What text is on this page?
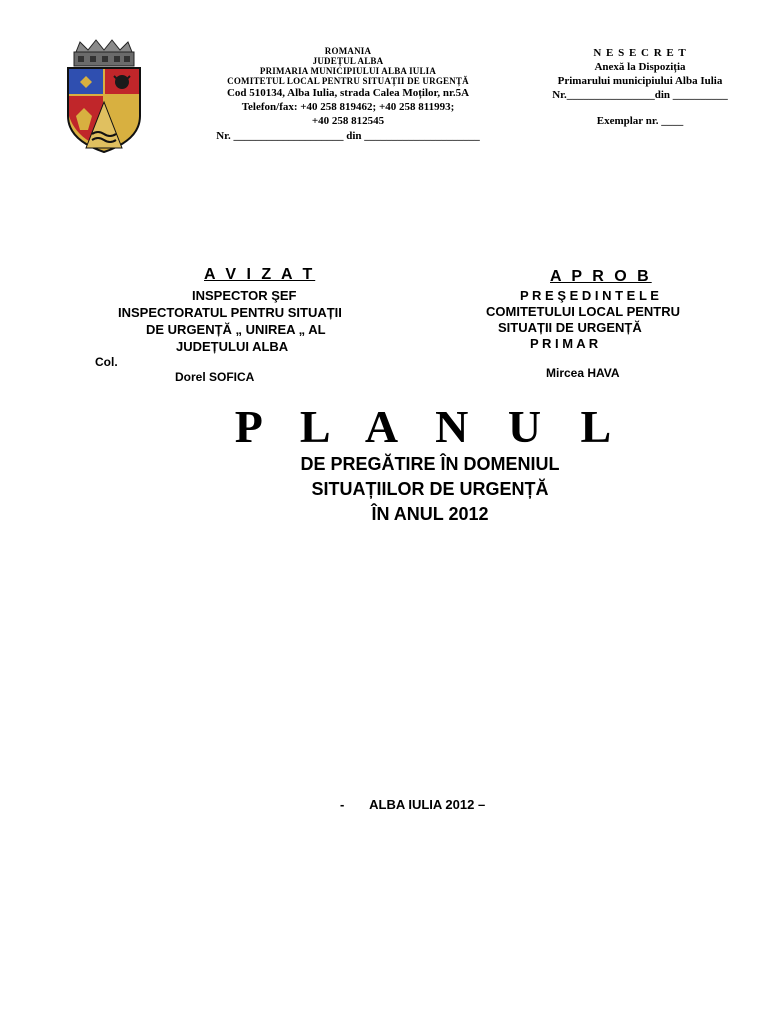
ROMANIA
JUDEȚUL ALBA
PRIMARIA MUNICIPIULUI ALBA IULIA
COMITETUL LOCAL PENTRU SITUAȚII DE URGENȚĂ
Cod 510134, Alba Iulia, strada Calea Moților, nr.5A
Telefon/fax: +40 258 819462; +40 258 811993;
+40 258 812545
Nr. ____________________ din _____________________
N E S E C R E T
Anexă la Dispoziția
Primarului municipiului Alba Iulia
Nr.________________din __________
Exemplar nr. ____
A V I Z A T
INSPECTOR ŞEF
INSPECTORATUL PENTRU SITUAȚII
DE URGENȚĂ „ UNIREA „ AL
JUDEȚULUI ALBA
Col.
Dorel SOFICA
A P R O B
P R E Ş E D I N T E L E
COMITETULUI LOCAL PENTRU
SITUAȚII DE URGENȚĂ
P R I M A R
Mircea HAVA
P L A N U L
DE PREGĂTIRE ÎN DOMENIUL
SITUAȚIILOR DE URGENȚĂ
ÎN ANUL 2012
- ALBA IULIA 2012 –
